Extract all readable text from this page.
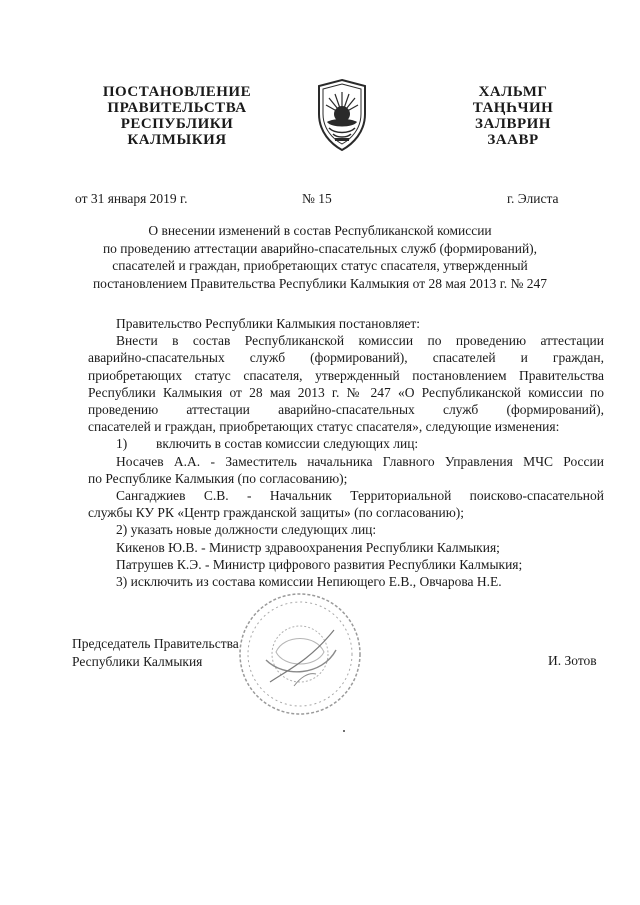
ПОСТАНОВЛЕНИЕ
ПРАВИТЕЛЬСТВА
РЕСПУБЛИКИ
КАЛМЫКИЯ
ХАЛЬМГ
ТАҢҺЧИН
ЗАЛВРИН
ЗААВР
от 31 января 2019 г.	№ 15	г. Элиста
О внесении изменений в состав Республиканской комиссии
по проведению аттестации аварийно-спасательных служб (формирований),
спасателей и граждан, приобретающих статус спасателя, утвержденный
постановлением Правительства Республики Калмыкия от 28 мая 2013 г. № 247
Правительство Республики Калмыкия постановляет:
Внести в состав Республиканской комиссии по проведению аттестации
аварийно-спасательных служб (формирований), спасателей и граждан,
приобретающих статус спасателя, утвержденный постановлением Правительства
Республики Калмыкия от 28 мая 2013 г. № 247 «О Республиканской комиссии по
проведению аттестации аварийно-спасательных служб (формирований),
спасателей и граждан, приобретающих статус спасателя», следующие изменения:
1) включить в состав комиссии следующих лиц:
Носачев А.А. - Заместитель начальника Главного Управления МЧС России
по Республике Калмыкия (по согласованию);
Сангаджиев С.В. - Начальник Территориальной поисково-спасательной
службы КУ РК «Центр гражданской защиты» (по согласованию);
2) указать новые должности следующих лиц:
Кикенов Ю.В. - Министр здравоохранения Республики Калмыкия;
Патрушев К.Э. - Министр цифрового развития Республики Калмыкия;
3) исключить из состава комиссии Непиющего Е.В., Овчарова Н.Е.
Председатель Правительства
Республики Калмыкия	И. Зотов
